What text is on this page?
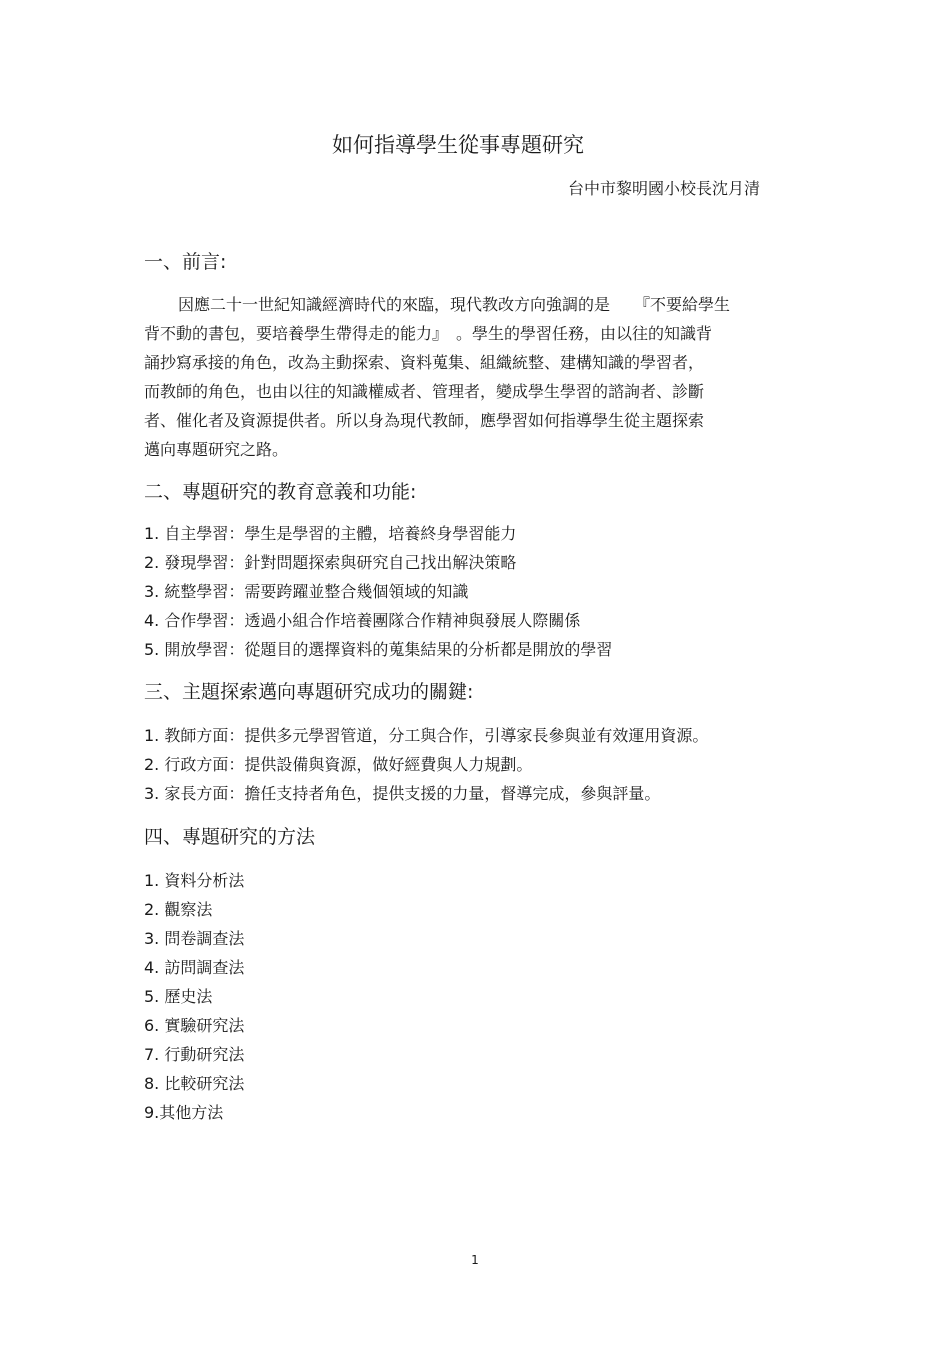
如何指導學生從事專題研究

台中市黎明國小校長沈月清

一、前言:

因應二十一世紀知識經濟時代的來臨，現代教改方向強調的是　　『不要給學生
背不動的書包，要培養學生帶得走的能力』　。學生的學習任務，由以往的知識背
誦抄寫承接的角色，改為主動探索、資料蒐集、組織統整、建構知識的學習者，
而教師的角色，也由以往的知識權威者、管理者，變成學生學習的諮詢者、診斷
者、催化者及資源提供者。所以身為現代教師，應學習如何指導學生從主題探索
邁向專題研究之路。

二、專題研究的教育意義和功能:
1. 自主學習：學生是學習的主體，培養終身學習能力
2. 發現學習：針對問題探索與研究自己找出解決策略
3. 統整學習：需要跨躍並整合幾個領域的知識
4. 合作學習：透過小組合作培養團隊合作精神與發展人際關係
5. 開放學習：從題目的選擇資料的蒐集結果的分析都是開放的學習
三、主題探索邁向專題研究成功的關鍵:
1. 教師方面：提供多元學習管道，分工與合作，引導家長參與並有效運用資源。
2. 行政方面：提供設備與資源，做好經費與人力規劃。
3. 家長方面：擔任支持者角色，提供支援的力量，督導完成，參與評量。
四、專題研究的方法
1. 資料分析法
2. 觀察法
3. 問卷調查法
4. 訪問調查法
5. 歷史法
6. 實驗研究法
7. 行動研究法
8. 比較研究法
9.其他方法

1
